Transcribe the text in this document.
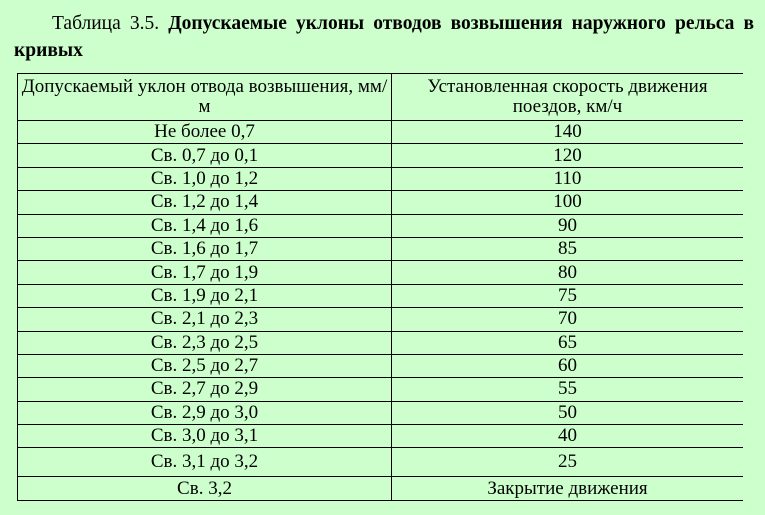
Таблица 3.5. Допускаемые уклоны отводов возвышения наружного рельса в кривых

Допускаемый уклон отвода возвышения, мм/м	Установленная скорость движения поездов, км/ч
Не более 0,7	140
Св. 0,7 до 0,1	120
Св. 1,0 до 1,2	110
Св. 1,2 до 1,4	100
Св. 1,4 до 1,6	90
Св. 1,6 до 1,7	85
Св. 1,7 до 1,9	80
Св. 1,9 до 2,1	75
Св. 2,1 до 2,3	70
Св. 2,3 до 2,5	65
Св. 2,5 до 2,7	60
Св. 2,7 до 2,9	55
Св. 2,9 до 3,0	50
Св. 3,0 до 3,1	40
Св. 3,1 до 3,2	25
Св. 3,2	Закрытие движения
